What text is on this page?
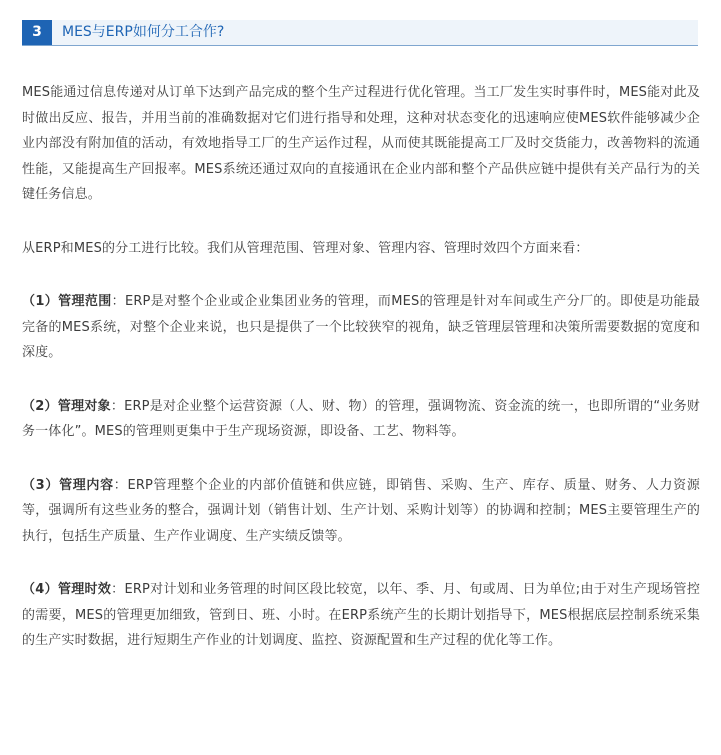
3	MES与ERP如何分工合作?

MES能通过信息传递对从订单下达到产品完成的整个生产过程进行优化管理。当工厂发生实时事件时，MES能对此及时做出反应、报告，并用当前的准确数据对它们进行指导和处理，这种对状态变化的迅速响应使MES软件能够减少企业内部没有附加值的活动，有效地指导工厂的生产运作过程，从而使其既能提高工厂及时交货能力，改善物料的流通性能，又能提高生产回报率。MES系统还通过双向的直接通讯在企业内部和整个产品供应链中提供有关产品行为的关键任务信息。

从ERP和MES的分工进行比较。我们从管理范围、管理对象、管理内容、管理时效四个方面来看：

（1）管理范围：ERP是对整个企业或企业集团业务的管理，而MES的管理是针对车间或生产分厂的。即使是功能最完备的MES系统，对整个企业来说，也只是提供了一个比较狭窄的视角，缺乏管理层管理和决策所需要数据的宽度和深度。

（2）管理对象：ERP是对企业整个运营资源（人、财、物）的管理，强调物流、资金流的统一，也即所谓的“业务财务一体化”。MES的管理则更集中于生产现场资源，即设备、工艺、物料等。

（3）管理内容：ERP管理整个企业的内部价值链和供应链，即销售、采购、生产、库存、质量、财务、人力资源等，强调所有这些业务的整合，强调计划（销售计划、生产计划、采购计划等）的协调和控制；MES主要管理生产的执行，包括生产质量、生产作业调度、生产实绩反馈等。

（4）管理时效：ERP对计划和业务管理的时间区段比较宽，以年、季、月、旬或周、日为单位;由于对生产现场管控的需要，MES的管理更加细致，管到日、班、小时。在ERP系统产生的长期计划指导下，MES根据底层控制系统采集的生产实时数据，进行短期生产作业的计划调度、监控、资源配置和生产过程的优化等工作。
